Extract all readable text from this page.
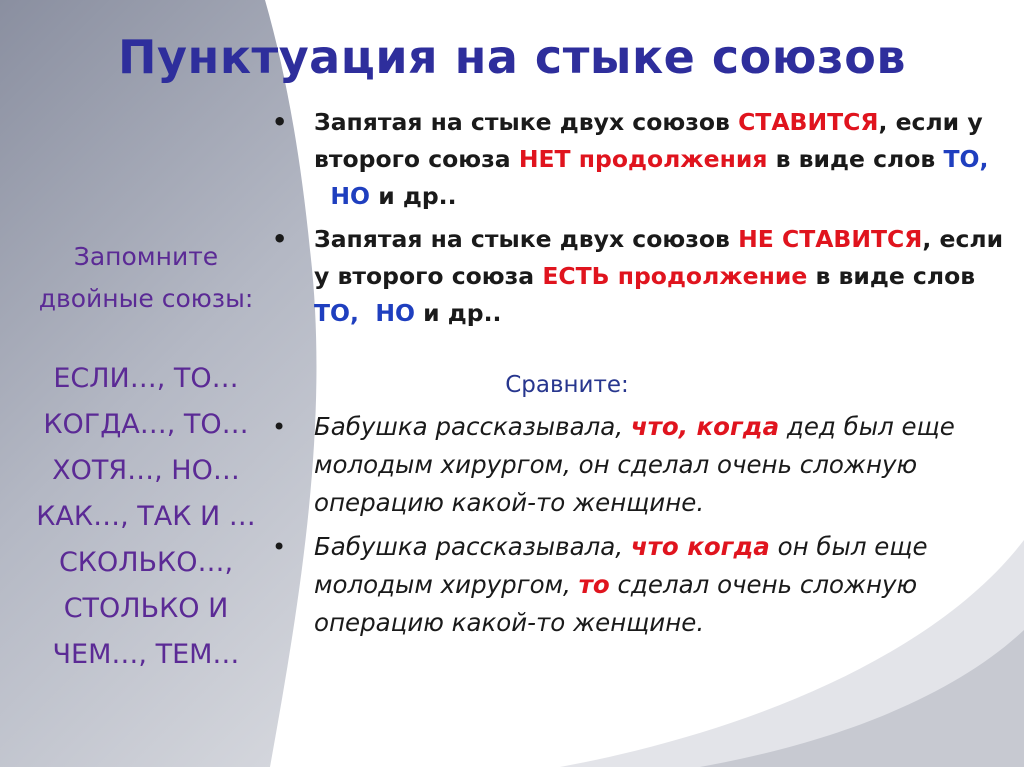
Пунктуация на стыке союзов
Запомните
двойные союзы:
ЕСЛИ…, ТО…
КОГДА…, ТО…
ХОТЯ…, НО…
КАК…, ТАК И …
СКОЛЬКО…,
СТОЛЬКО И
ЧЕМ…, ТЕМ…
• Запятая на стыке двух союзов СТАВИТСЯ, если у второго союза НЕТ продолжения в виде слов ТО,  НО и др..
• Запятая на стыке двух союзов НЕ СТАВИТСЯ, если у второго союза ЕСТЬ продолжение в виде слов ТО, НО и др..
Сравните:
• Бабушка рассказывала, что, когда дед был еще молодым хирургом, он сделал очень сложную операцию какой-то женщине.
• Бабушка рассказывала, что когда он был еще молодым хирургом, то сделал очень сложную операцию какой-то женщине.
